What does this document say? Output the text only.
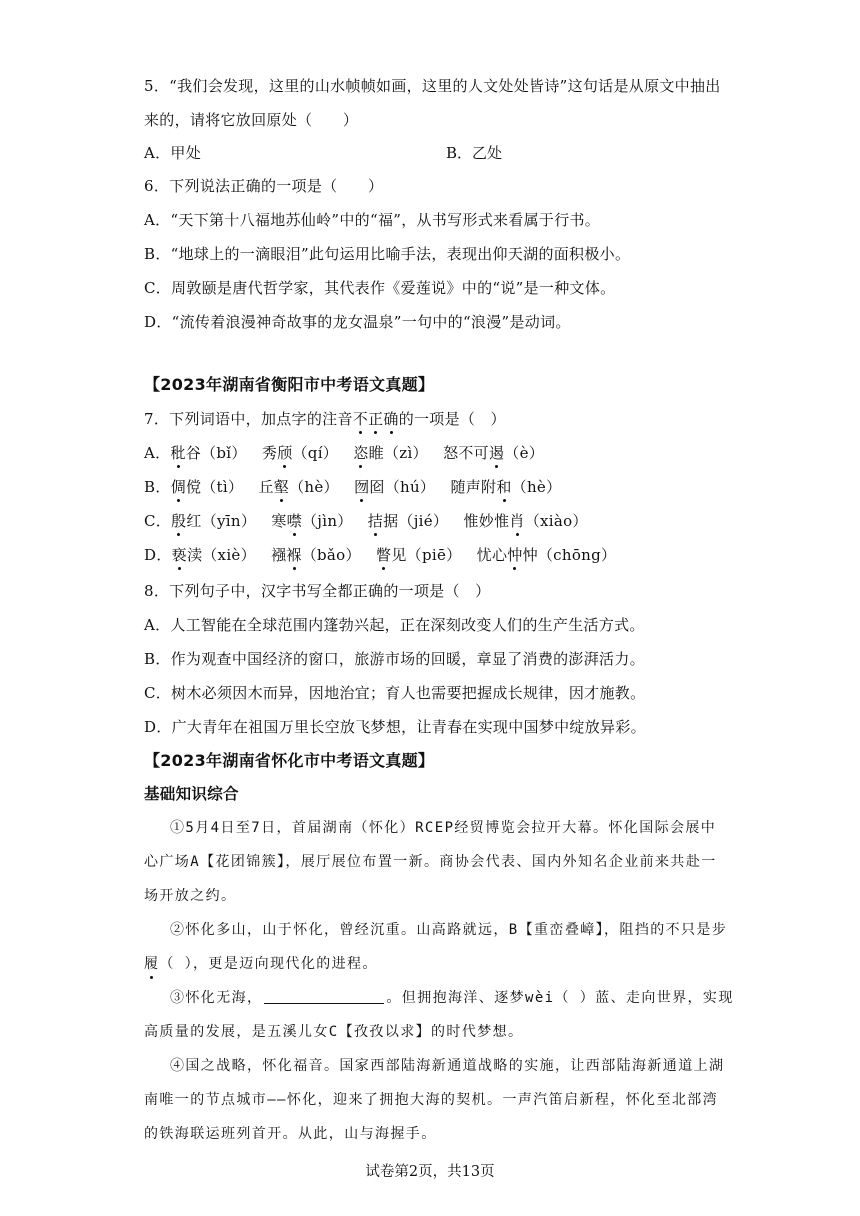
5．“我们会发现，这里的山水帧帧如画，这里的人文处处皆诗”这句话是从原文中抽出
来的，请将它放回原处（　　）
A．甲处	B．乙处
6．下列说法正确的一项是（　　）
A．“天下第十八福地苏仙岭”中的“福”，从书写形式来看属于行书。
B．“地球上的一滴眼泪”此句运用比喻手法，表现出仰天湖的面积极小。
C．周敦颐是唐代哲学家，其代表作《爱莲说》中的“说”是一种文体。
D．“流传着浪漫神奇故事的龙女温泉”一句中的“浪漫”是动词。
【2023年湖南省衡阳市中考语文真题】
7．下列词语中，加点字的注音不正确的一项是（　）
A．秕谷（bǐ） 秀颀（qí） 恣睢（zì） 怒不可遏（è）
B．倜傥（tì） 丘壑（hè） 囫囵（hú） 随声附和（hè）
C．殷红（yīn） 寒噤（jìn） 拮据（jié） 惟妙惟肖（xiào）
D．亵渎（xiè） 襁褓（bǎo） 瞥见（piē） 忧心忡忡（chōng）
8．下列句子中，汉字书写全都正确的一项是（　）
A．人工智能在全球范围内篷勃兴起，正在深刻改变人们的生产生活方式。
B．作为观查中国经济的窗口，旅游市场的回暖，章显了消费的澎湃活力。
C．树木必须因木而异，因地治宜；育人也需要把握成长规律，因才施教。
D．广大青年在祖国万里长空放飞梦想，让青春在实现中国梦中绽放异彩。
【2023年湖南省怀化市中考语文真题】
基础知识综合
①5月4日至7日，首届湖南（怀化）RCEP经贸博览会拉开大幕。怀化国际会展中
心广场A【花团锦簇】，展厅展位布置一新。商协会代表、国内外知名企业前来共赴一
场开放之约。
②怀化多山，山于怀化，曾经沉重。山高路就远，B【重峦叠嶂】，阻挡的不只是步
履（ ），更是迈向现代化的进程。
③怀化无海，	。但拥抱海洋、逐梦wèi（ ）蓝、走向世界，实现
高质量的发展，是五溪儿女C【孜孜以求】的时代梦想。
④国之战略，怀化福音。国家西部陆海新通道战略的实施，让西部陆海新通道上湖
南唯一的节点城市——怀化，迎来了拥抱大海的契机。一声汽笛启新程，怀化至北部湾
的铁海联运班列首开。从此，山与海握手。
试卷第2页，共13页
